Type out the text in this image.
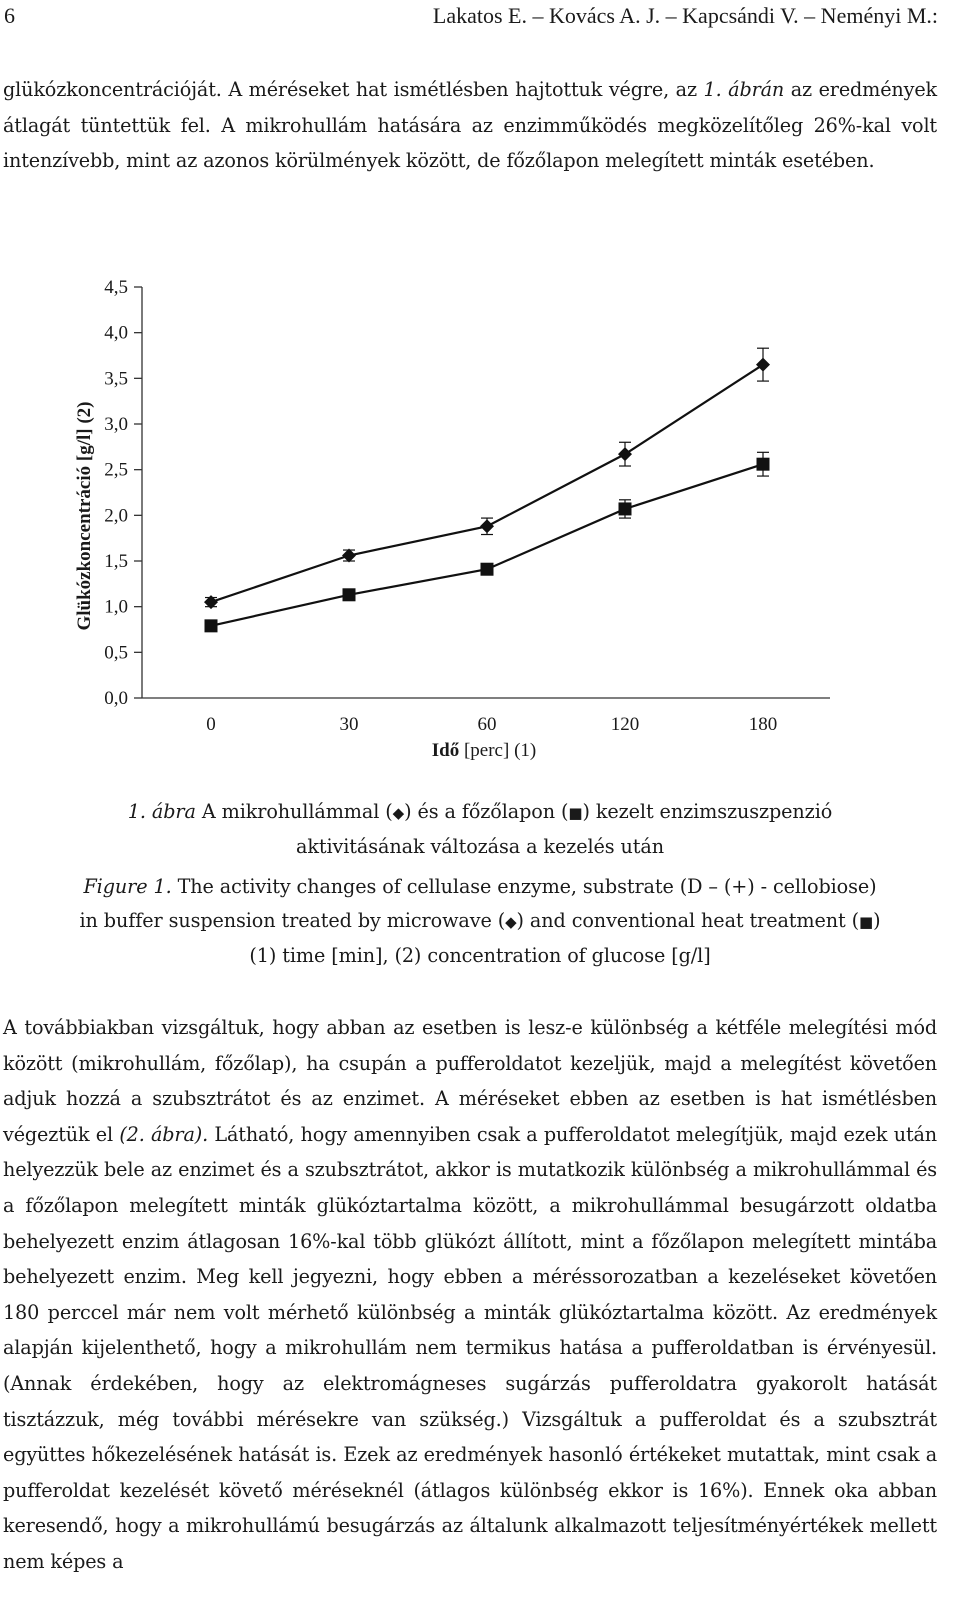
6	Lakatos E. – Kovács A. J. – Kapcsándi V. – Neményi M.:
glükózkoncentrációját. A méréseket hat ismétlésben hajtottuk végre, az 1. ábrán az eredmények átlagát tüntettük fel. A mikrohullám hatására az enzimműködés megközelítőleg 26%-kal volt intenzívebb, mint az azonos körülmények között, de főzőlapon melegített minták esetében.
0,0
0,5
1,0
1,5
2,0
2,5
3,0
3,5
4,0
4,5
0	30	60	120	180
Glükózkoncentráció [g/l] (2)
Idő [perc] (1)
1. ábra A mikrohullámmal (◆) és a főzőlapon (■) kezelt enzimszuszpenzió
aktivitásának változása a kezelés után
Figure 1. The activity changes of cellulase enzyme, substrate (D – (+) - cellobiose)
in buffer suspension treated by microwave (◆) and conventional heat treatment (■)
(1) time [min], (2) concentration of glucose [g/l]
A továbbiakban vizsgáltuk, hogy abban az esetben is lesz-e különbség a kétféle melegítési mód között (mikrohullám, főzőlap), ha csupán a pufferoldatot kezeljük, majd a melegítést követően adjuk hozzá a szubsztrátot és az enzimet. A méréseket ebben az esetben is hat ismétlésben végeztük el (2. ábra). Látható, hogy amennyiben csak a pufferoldatot melegítjük, majd ezek után helyezzük bele az enzimet és a szubsztrátot, akkor is mutatkozik különbség a mikrohullámmal és a főzőlapon melegített minták glükóztartalma között, a mikrohullámmal besugárzott oldatba behelyezett enzim átlagosan 16%-kal több glükózt állított, mint a főzőlapon melegített mintába behelyezett enzim. Meg kell jegyezni, hogy ebben a méréssorozatban a kezeléseket követően 180 perccel már nem volt mérhető különbség a minták glükóztartalma között. Az eredmények alapján kijelenthető, hogy a mikrohullám nem termikus hatása a pufferoldatban is érvényesül. (Annak érdekében, hogy az elektromágneses sugárzás pufferoldatra gyakorolt hatását tisztázzuk, még további mérésekre van szükség.) Vizsgáltuk a pufferoldat és a szubsztrát együttes hőkezelésének hatását is. Ezek az eredmények hasonló értékeket mutattak, mint csak a pufferoldat kezelését követő méréseknél (átlagos különbség ekkor is 16%). Ennek oka abban keresendő, hogy a mikrohullámú besugárzás az általunk alkalmazott teljesítményértékek mellett nem képes a
